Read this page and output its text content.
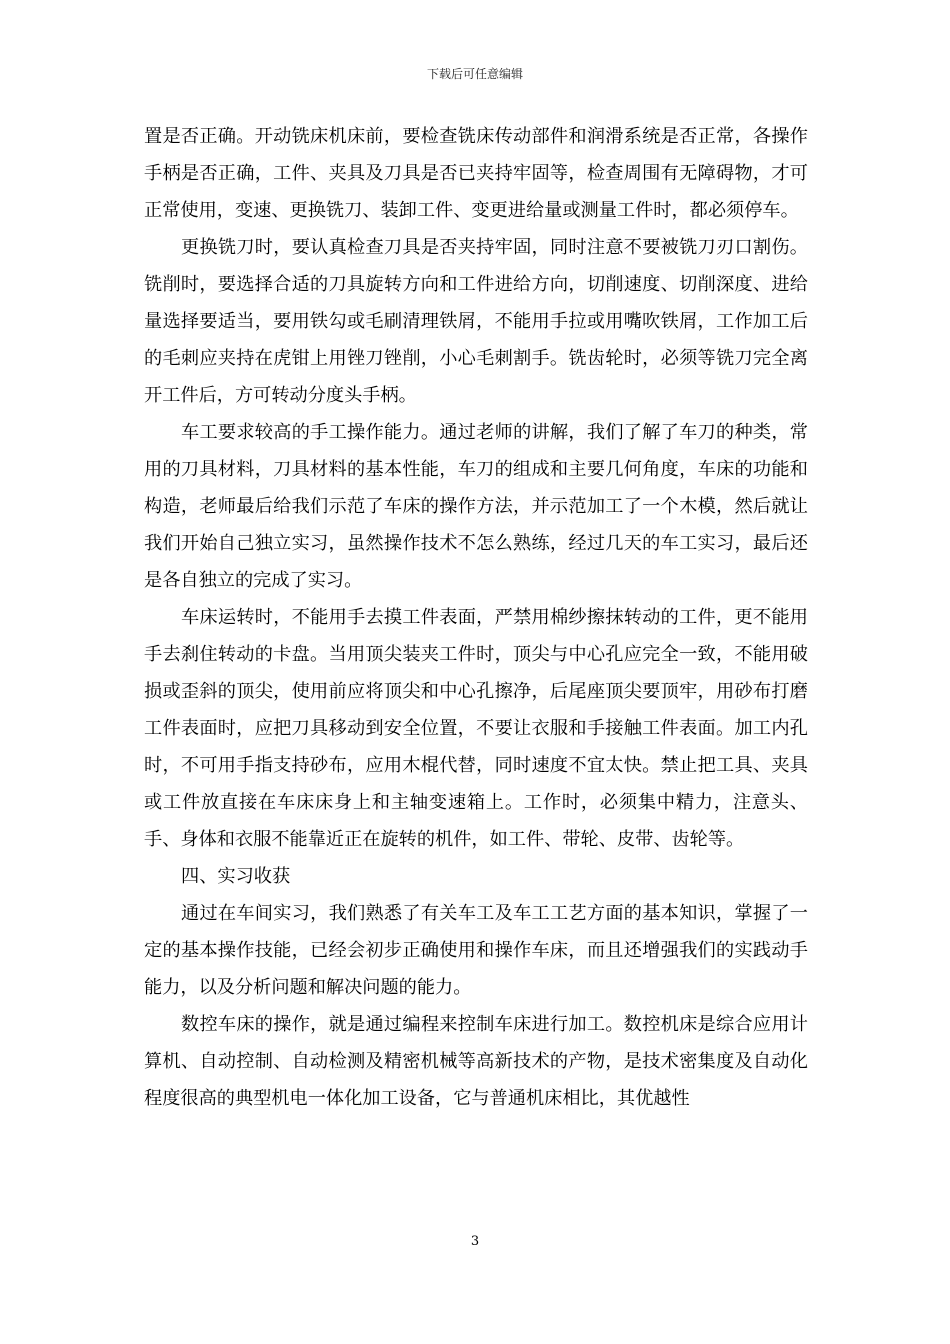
下载后可任意编辑

置是否正确。开动铣床机床前，要检查铣床传动部件和润滑系统是否正常，各操作手柄是否正确，工件、夹具及刀具是否已夹持牢固等，检查周围有无障碍物，才可正常使用，变速、更换铣刀、装卸工件、变更进给量或测量工件时，都必须停车。

更换铣刀时，要认真检查刀具是否夹持牢固，同时注意不要被铣刀刃口割伤。铣削时，要选择合适的刀具旋转方向和工件进给方向，切削速度、切削深度、进给量选择要适当，要用铁勾或毛刷清理铁屑，不能用手拉或用嘴吹铁屑，工作加工后的毛刺应夹持在虎钳上用锉刀锉削，小心毛刺割手。铣齿轮时，必须等铣刀完全离开工件后，方可转动分度头手柄。

车工要求较高的手工操作能力。通过老师的讲解，我们了解了车刀的种类，常用的刀具材料，刀具材料的基本性能，车刀的组成和主要几何角度，车床的功能和构造，老师最后给我们示范了车床的操作方法，并示范加工了一个木模，然后就让我们开始自己独立实习，虽然操作技术不怎么熟练，经过几天的车工实习，最后还是各自独立的完成了实习。

车床运转时，不能用手去摸工件表面，严禁用棉纱擦抹转动的工件，更不能用手去刹住转动的卡盘。当用顶尖装夹工件时，顶尖与中心孔应完全一致，不能用破损或歪斜的顶尖，使用前应将顶尖和中心孔擦净，后尾座顶尖要顶牢，用砂布打磨工件表面时，应把刀具移动到安全位置，不要让衣服和手接触工件表面。加工内孔时，不可用手指支持砂布，应用木棍代替，同时速度不宜太快。禁止把工具、夹具或工件放直接在车床床身上和主轴变速箱上。工作时，必须集中精力，注意头、手、身体和衣服不能靠近正在旋转的机件，如工件、带轮、皮带、齿轮等。

四、实习收获

通过在车间实习，我们熟悉了有关车工及车工工艺方面的基本知识，掌握了一定的基本操作技能，已经会初步正确使用和操作车床，而且还增强我们的实践动手能力，以及分析问题和解决问题的能力。

数控车床的操作，就是通过编程来控制车床进行加工。数控机床是综合应用计算机、自动控制、自动检测及精密机械等高新技术的产物，是技术密集度及自动化程度很高的典型机电一体化加工设备，它与普通机床相比，其优越性

3
